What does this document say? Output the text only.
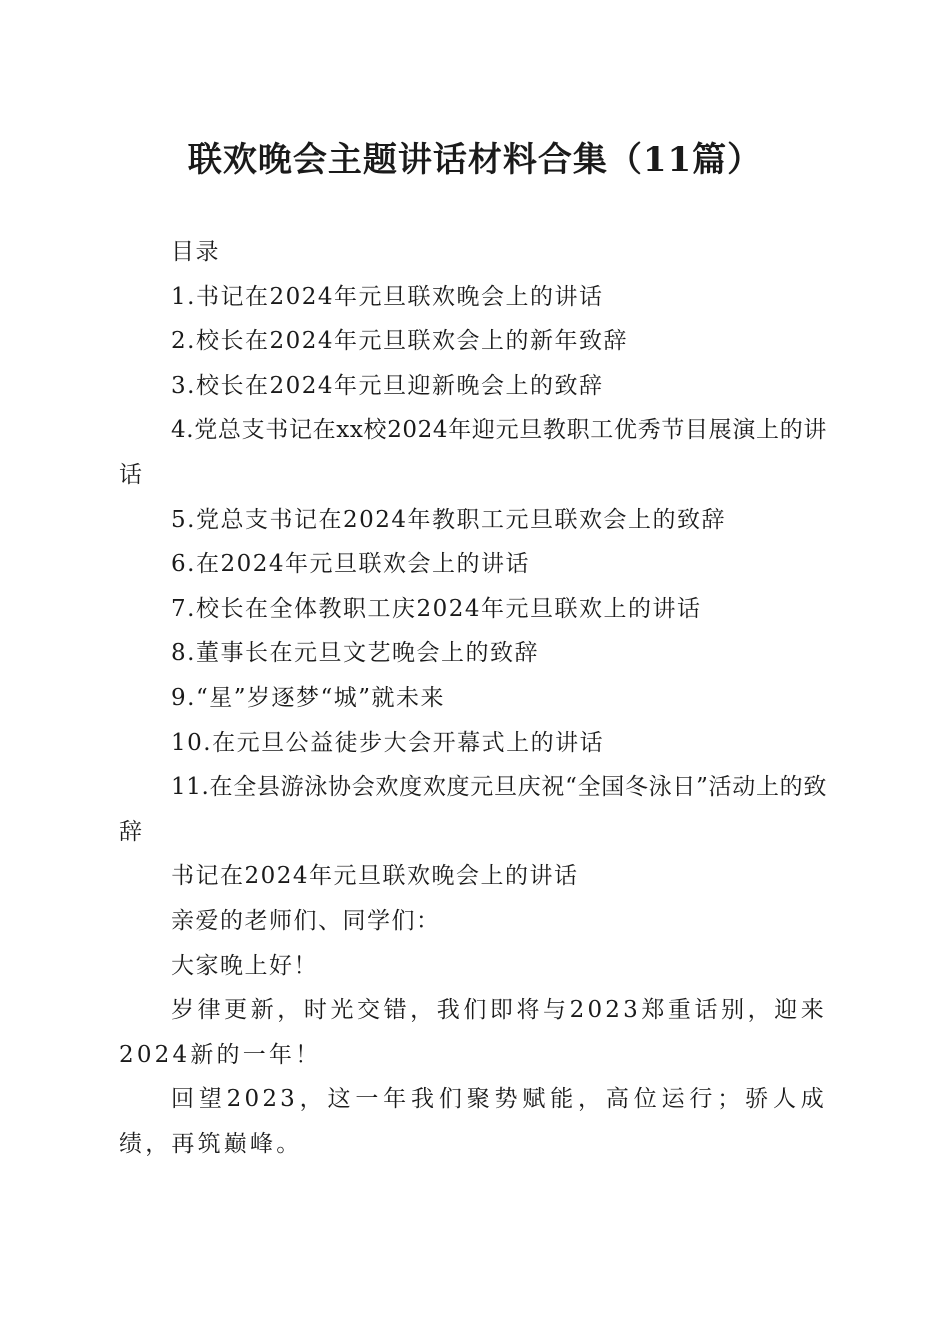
联欢晚会主题讲话材料合集（11篇）

目录

1.书记在2024年元旦联欢晚会上的讲话

2.校长在2024年元旦联欢会上的新年致辞

3.校长在2024年元旦迎新晚会上的致辞

4.党总支书记在xx校2024年迎元旦教职工优秀节目展演上的讲话

5.党总支书记在2024年教职工元旦联欢会上的致辞

6.在2024年元旦联欢会上的讲话

7.校长在全体教职工庆2024年元旦联欢上的讲话

8.董事长在元旦文艺晚会上的致辞

9.“星”岁逐梦“城”就未来

10.在元旦公益徒步大会开幕式上的讲话

11.在全县游泳协会欢度欢度元旦庆祝“全国冬泳日”活动上的致辞

书记在2024年元旦联欢晚会上的讲话

亲爱的老师们、同学们：

大家晚上好！

岁律更新，时光交错，我们即将与2023郑重话别，迎来2024新的一年！

回望2023，这一年我们聚势赋能，高位运行；骄人成绩，再筑巅峰。
